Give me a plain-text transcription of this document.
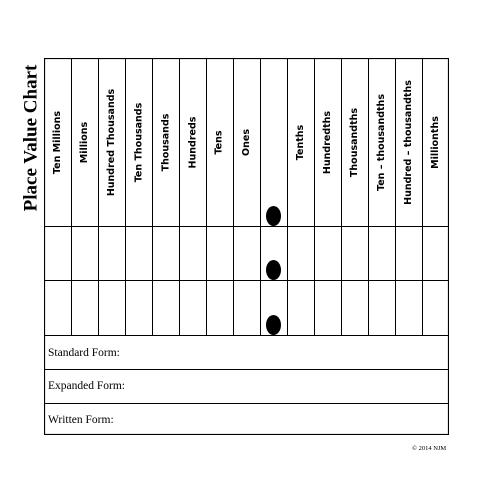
Place Value Chart Ten Millions Millions Hundred Thousands Ten Thousands Thousands Hundreds Tens Ones	Tenths Hundredths Thousandths Ten – thousandths Hundred – thousandths Millionths
Standard Form:
Expanded Form:
Written Form:
© 2014 NJM
